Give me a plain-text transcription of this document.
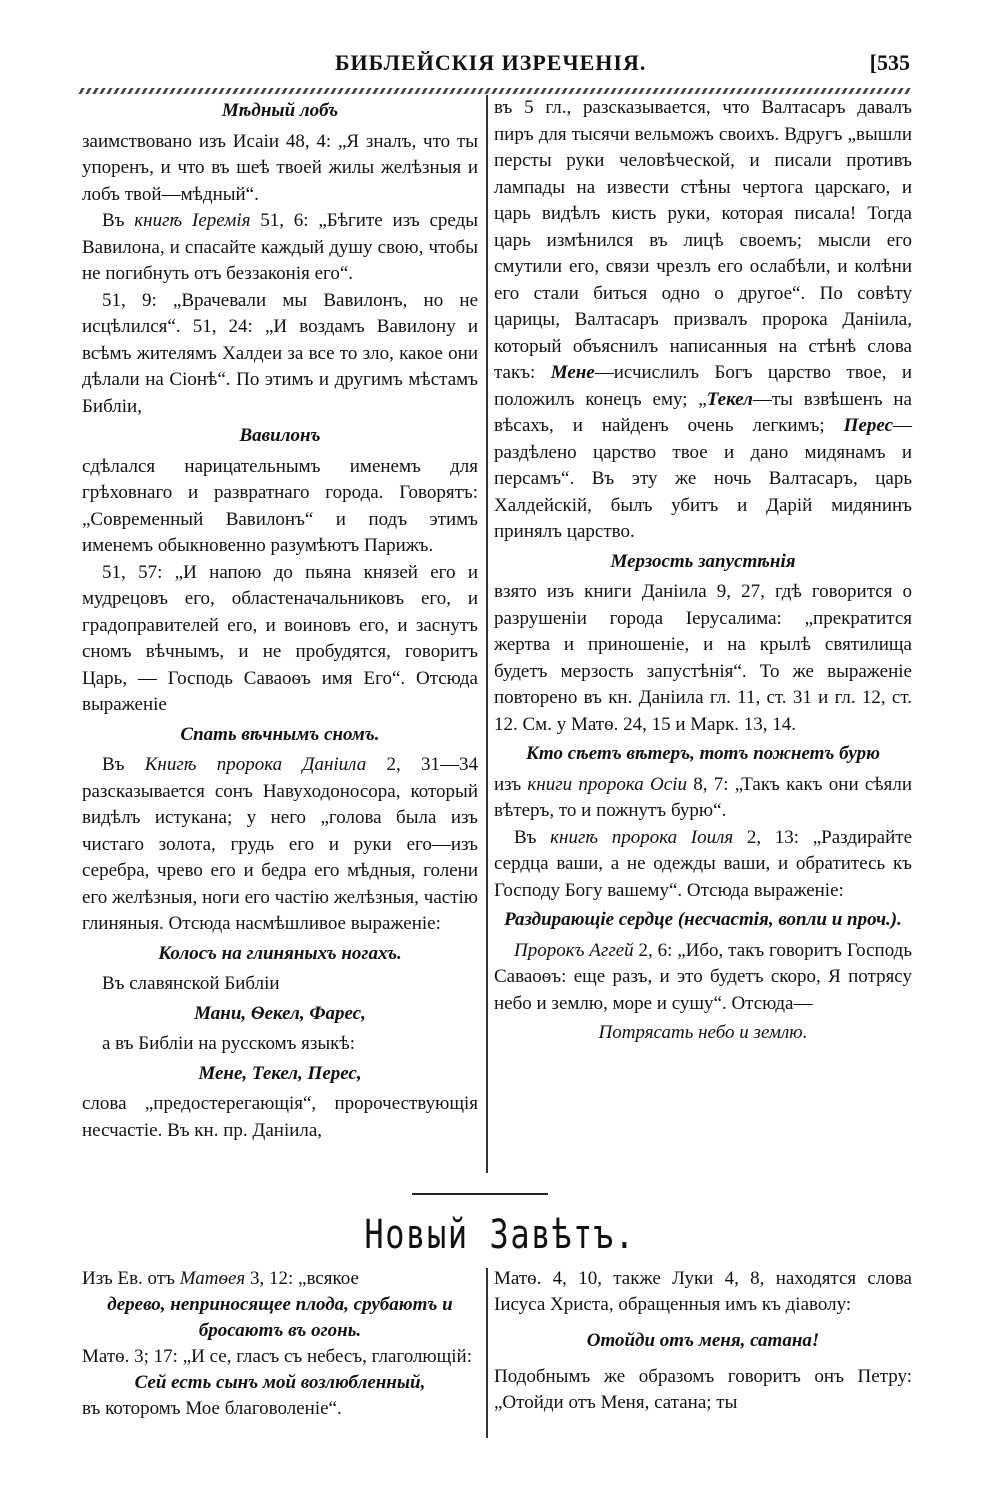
БИБЛЕЙСКІЯ ИЗРЕЧЕНІЯ.	[535

Мѣдный лобъ

заимствовано изъ Исаіи 48, 4: „Я зналъ, что ты упоренъ, и что въ шеѣ твоей жилы желѣзныя и лобъ твой—мѣдный“.

Въ книгѣ Іеремія 51, 6: „Бѣгите изъ среды Вавилона, и спасайте каждый душу свою, чтобы не погибнуть отъ беззаконія его“.

51, 9: „Врачевали мы Вавилонъ, но не исцѣлился“. 51, 24: „И воздамъ Вавилону и всѣмъ жителямъ Халдеи за все то зло, какое они дѣлали на Сіонѣ“. По этимъ и другимъ мѣстамъ Библіи,

Вавилонъ

сдѣлался нарицательнымъ именемъ для грѣховнаго и развратнаго города. Говорятъ: „Современный Вавилонъ“ и подъ этимъ именемъ обыкновенно разумѣютъ Парижъ.

51, 57: „И напою до пьяна князей его и мудрецовъ его, областеначальниковъ его, и градоправителей его, и воиновъ его, и заснутъ сномъ вѣчнымъ, и не пробудятся, говоритъ Царь, — Господь Саваоѳъ имя Его“. Отсюда выраженіе

Спать вѣчнымъ сномъ.

Въ Книгѣ пророка Даніила 2, 31—34 разсказывается сонъ Навуходоносора, который видѣлъ истукана; у него „голова была изъ чистаго золота, грудь его и руки его—изъ серебра, чрево его и бедра его мѣдныя, голени его желѣзныя, ноги его частію желѣзныя, частію глиняныя. Отсюда насмѣшливое выраженіе:

Колосъ на глиняныхъ ногахъ.

Въ славянской Библіи

Мани, Ѳекел, Фарес,

а въ Библіи на русскомъ языкѣ:

Мене, Текел, Перес,

слова „предостерегающія“, пророчествующія несчастіе. Въ кн. пр. Даніила,

въ 5 гл., разсказывается, что Валтасаръ давалъ пиръ для тысячи вельможъ своихъ. Вдругъ „вышли персты руки человѣческой, и писали противъ лампады на извести стѣны чертога царскаго, и царь видѣлъ кисть руки, которая писала! Тогда царь измѣнился въ лицѣ своемъ; мысли его смутили его, связи чрезлъ его ослабѣли, и колѣни его стали биться одно о другое“. По совѣту царицы, Валтасаръ призвалъ пророка Даніила, который объяснилъ написанныя на стѣнѣ слова такъ: Мене—исчислилъ Богъ царство твое, и положилъ конецъ ему; „Текел—ты взвѣшенъ на вѣсахъ, и найденъ очень легкимъ; Перес—раздѣлено царство твое и дано мидянамъ и персамъ“. Въ эту же ночь Валтасаръ, царь Халдейскій, былъ убитъ и Дарій мидянинъ принялъ царство.

Мерзость запустѣнія

взято изъ книги Даніила 9, 27, гдѣ говорится о разрушеніи города Іерусалима: „прекратится жертва и приношеніе, и на крылѣ святилища будетъ мерзость запустѣнія“. То же выраженіе повторено въ кн. Даніила гл. 11, ст. 31 и гл. 12, ст. 12. См. у Матѳ. 24, 15 и Марк. 13, 14.

Кто сѣетъ вѣтеръ, тотъ пожнетъ бурю

изъ книги пророка Осіи 8, 7: „Такъ какъ они сѣяли вѣтеръ, то и пожнутъ бурю“.

Въ книгѣ пророка Іоиля 2, 13: „Раздирайте сердца ваши, а не одежды ваши, и обратитесь къ Господу Богу вашему“. Отсюда выраженіе:

Раздирающіе сердце (несчастія, вопли и проч.).

Пророкъ Аггей 2, 6: „Ибо, такъ говоритъ Господь Саваоѳъ: еще разъ, и это будетъ скоро, Я потрясу небо и землю, море и сушу“. Отсюда—

Потрясать небо и землю.

Новый Завѣтъ.

Изъ Ев. отъ Матѳея 3, 12: „всякое

дерево, неприносящее плода, срубаютъ и бросаютъ въ огонь.

Матѳ. 3; 17: „И се, гласъ съ небесъ, глаголющій:

Сей есть сынъ мой возлюбленный,

въ которомъ Мое благоволеніе“.

Матѳ. 4, 10, также Луки 4, 8, находятся слова Іисуса Христа, обращенныя имъ къ діаволу:

Отойди отъ меня, сатана!

Подобнымъ же образомъ говоритъ онъ Петру: „Отойди отъ Меня, сатана; ты
